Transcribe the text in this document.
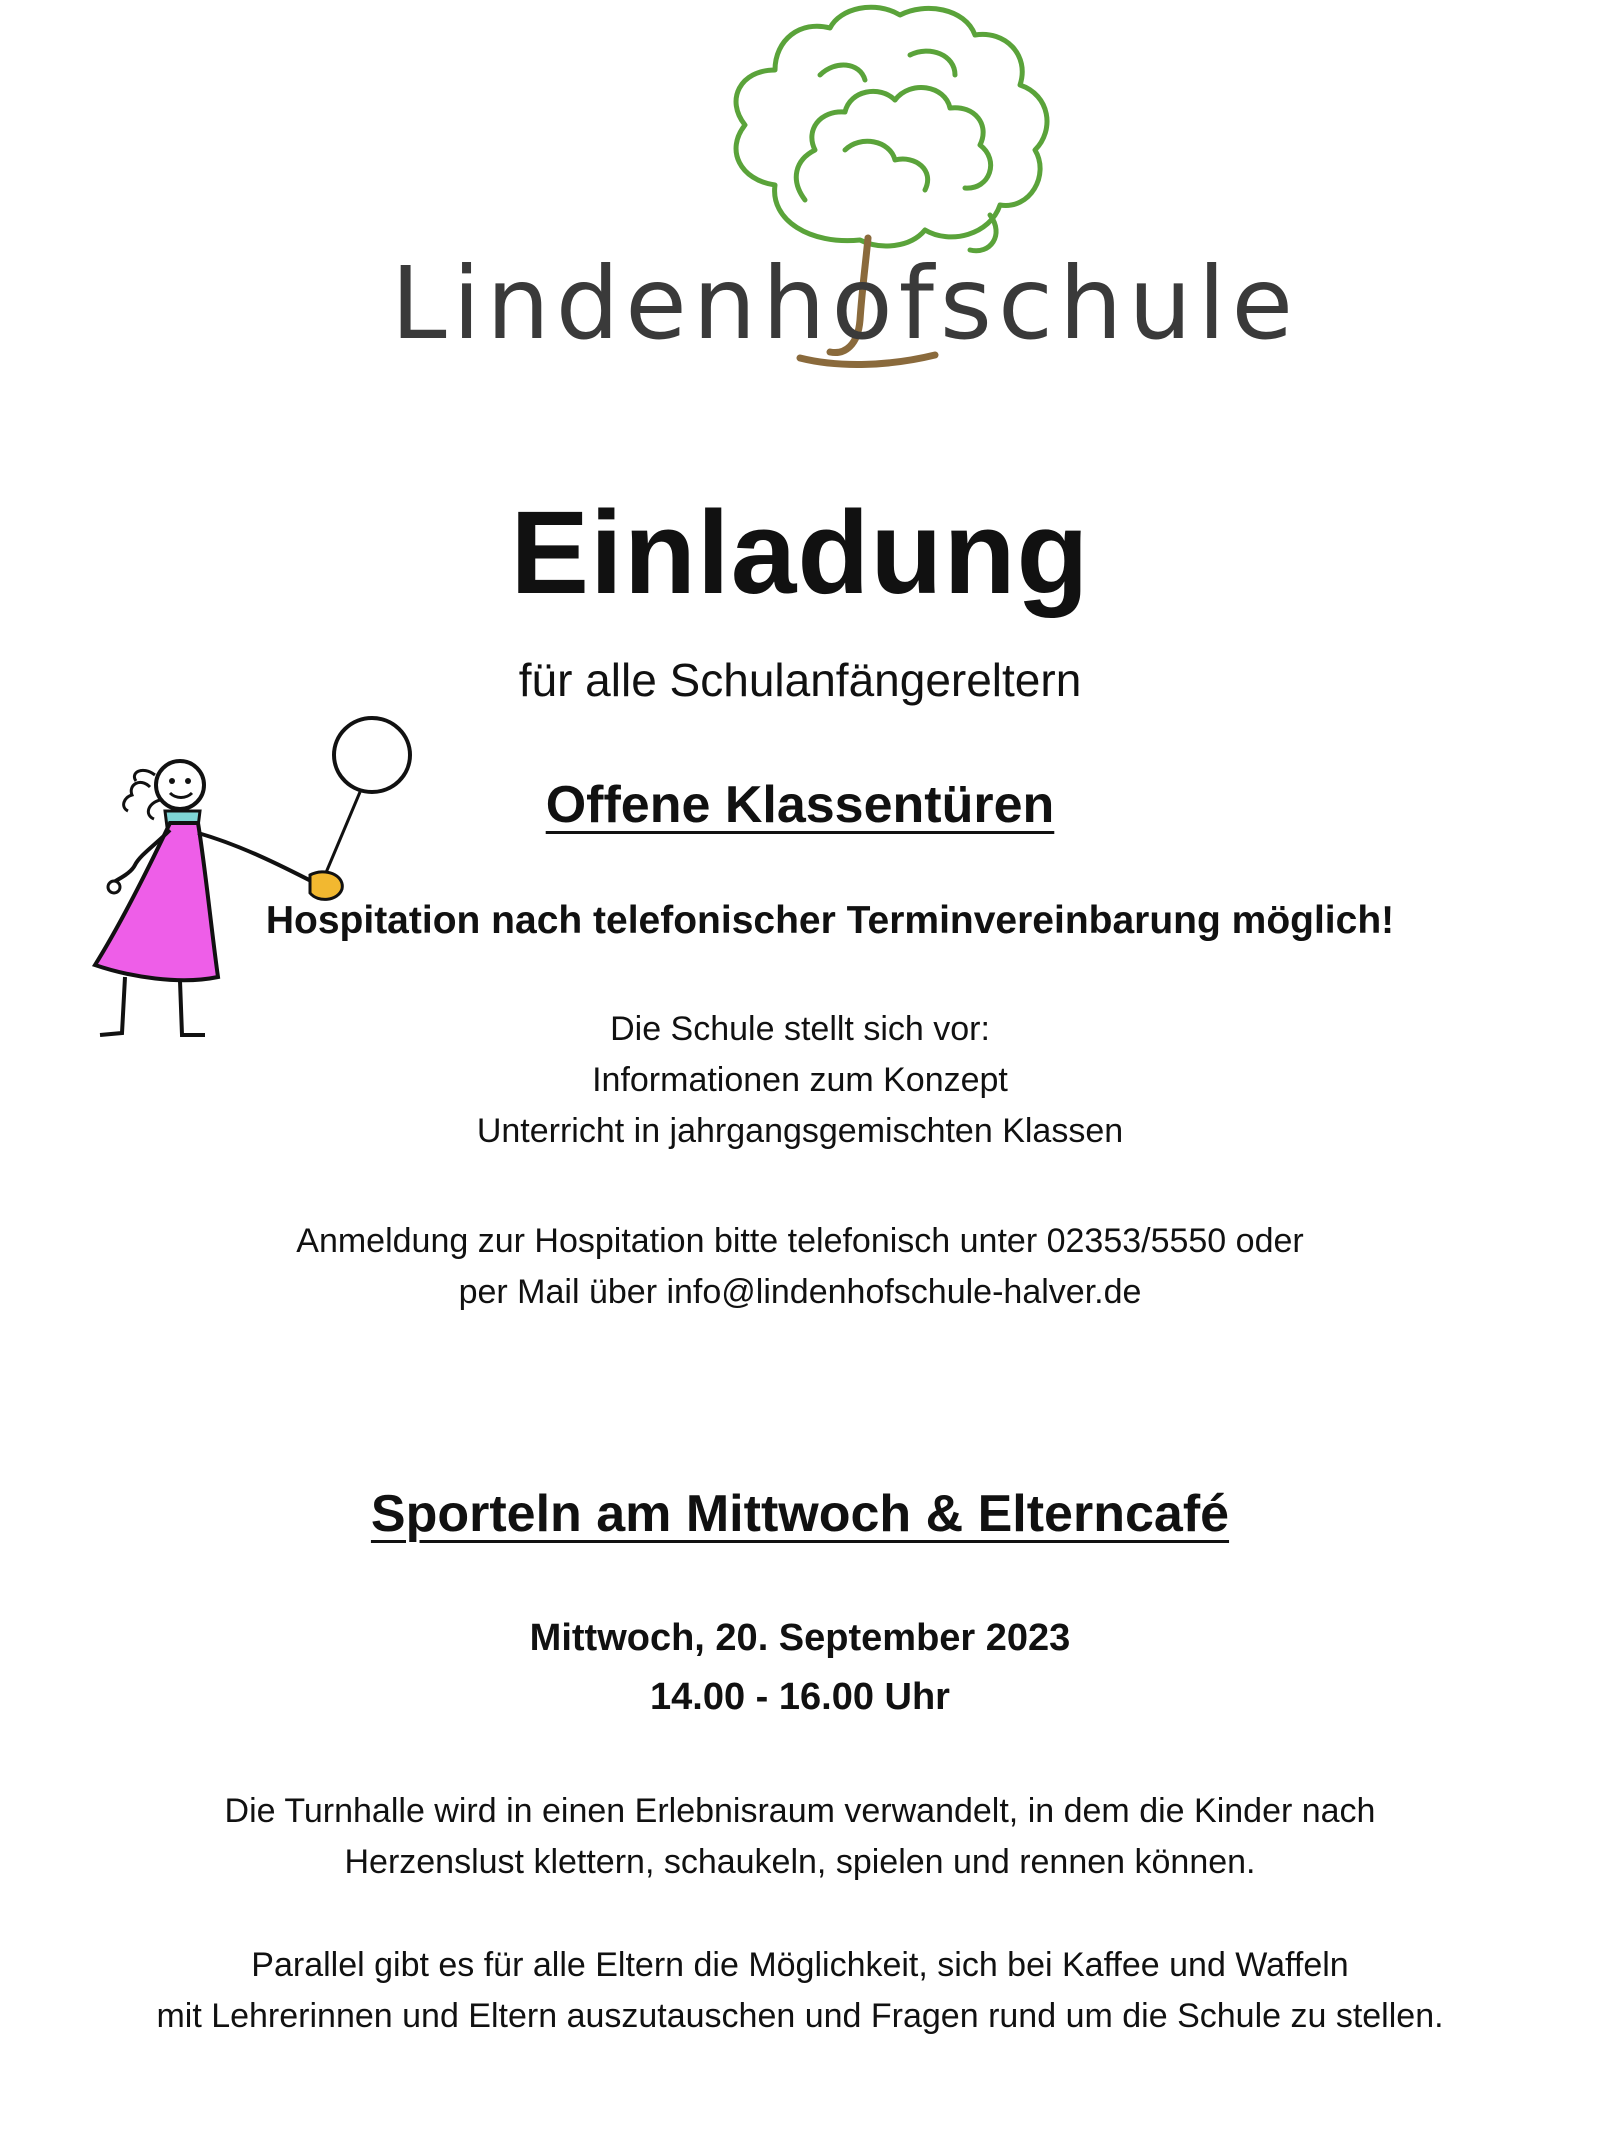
Lindenhofschule
Einladung
für alle Schulanfängereltern
Offene Klassentüren
Hospitation nach telefonischer Terminvereinbarung möglich!
Die Schule stellt sich vor:
Informationen zum Konzept
Unterricht in jahrgangsgemischten Klassen
Anmeldung zur Hospitation bitte telefonisch unter 02353/5550 oder
per Mail über info@lindenhofschule-halver.de
Sporteln am Mittwoch & Elterncafé
Mittwoch, 20. September 2023
14.00 - 16.00 Uhr
Die Turnhalle wird in einen Erlebnisraum verwandelt, in dem die Kinder nach
Herzenslust klettern, schaukeln, spielen und rennen können.
Parallel gibt es für alle Eltern die Möglichkeit, sich bei Kaffee und Waffeln
mit Lehrerinnen und Eltern auszutauschen und Fragen rund um die Schule zu stellen.
